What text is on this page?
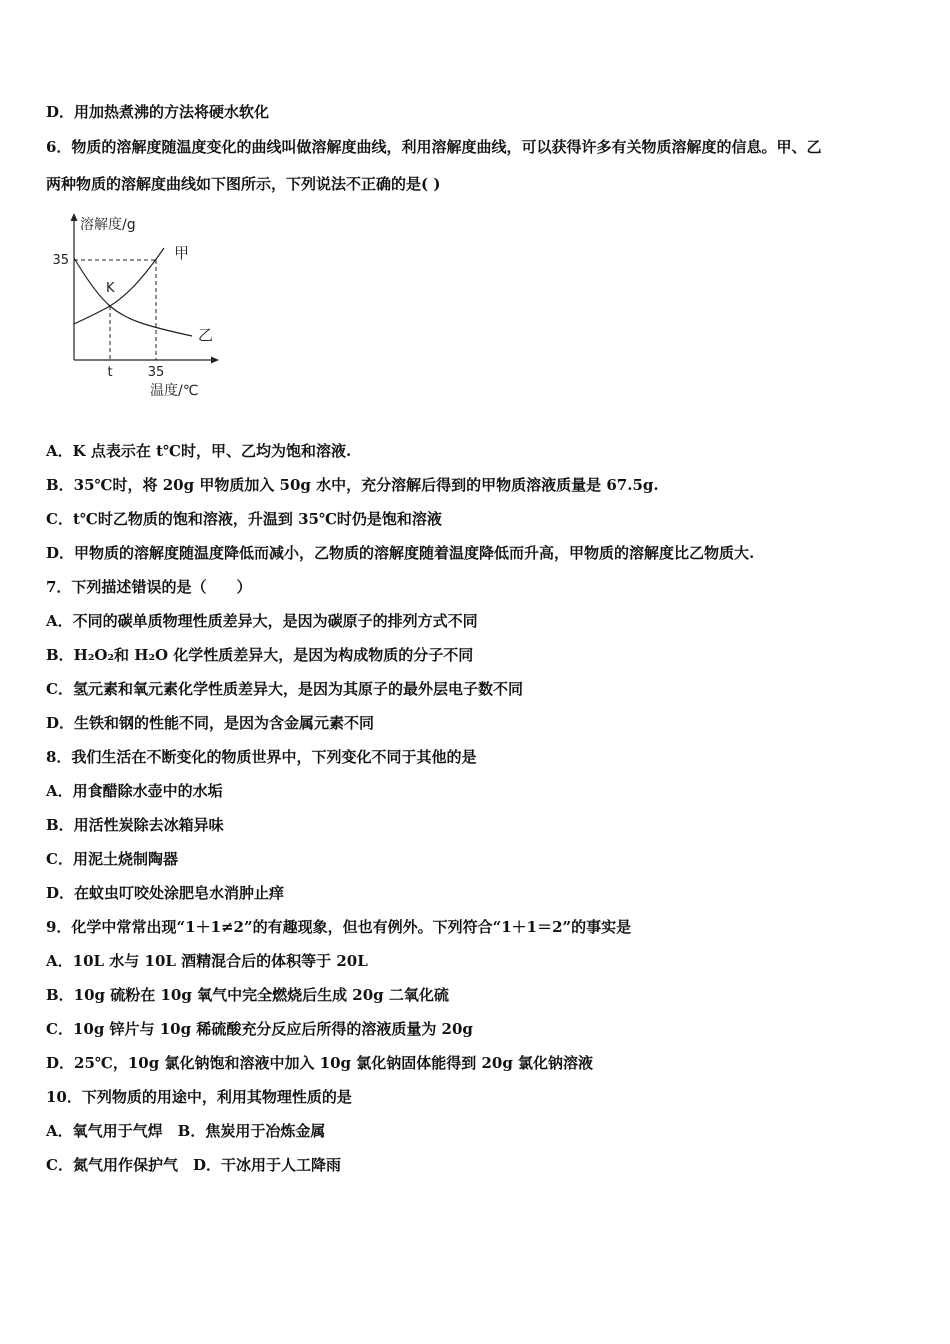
D．用加热煮沸的方法将硬水软化
6．物质的溶解度随温度变化的曲线叫做溶解度曲线，利用溶解度曲线，可以获得许多有关物质溶解度的信息。甲、乙
两种物质的溶解度曲线如下图所示，下列说法不正确的是( )
溶解度/g
35
t	35
温度/℃
K
甲
乙
A．K 点表示在 t℃时，甲、乙均为饱和溶液.
B．35℃时，将 20g 甲物质加入 50g 水中，充分溶解后得到的甲物质溶液质量是 67.5g.
C．t℃时乙物质的饱和溶液，升温到 35℃时仍是饱和溶液
D．甲物质的溶解度随温度降低而减小，乙物质的溶解度随着温度降低而升高，甲物质的溶解度比乙物质大.
7．下列描述错误的是（　　）
A．不同的碳单质物理性质差异大，是因为碳原子的排列方式不同
B．H₂O₂和 H₂O 化学性质差异大，是因为构成物质的分子不同
C．氢元素和氧元素化学性质差异大，是因为其原子的最外层电子数不同
D．生铁和钢的性能不同，是因为含金属元素不同
8．我们生活在不断变化的物质世界中，下列变化不同于其他的是
A．用食醋除水壶中的水垢
B．用活性炭除去冰箱异味
C．用泥土烧制陶器
D．在蚊虫叮咬处涂肥皂水消肿止痒
9．化学中常常出现“1＋1≠2”的有趣现象，但也有例外。下列符合“1＋1＝2”的事实是
A．10L 水与 10L 酒精混合后的体积等于 20L
B．10g 硫粉在 10g 氧气中完全燃烧后生成 20g 二氧化硫
C．10g 锌片与 10g 稀硫酸充分反应后所得的溶液质量为 20g
D．25℃，10g 氯化钠饱和溶液中加入 10g 氯化钠固体能得到 20g 氯化钠溶液
10．下列物质的用途中，利用其物理性质的是
A．氧气用于气焊　B．焦炭用于冶炼金属
C．氮气用作保护气　D．干冰用于人工降雨
